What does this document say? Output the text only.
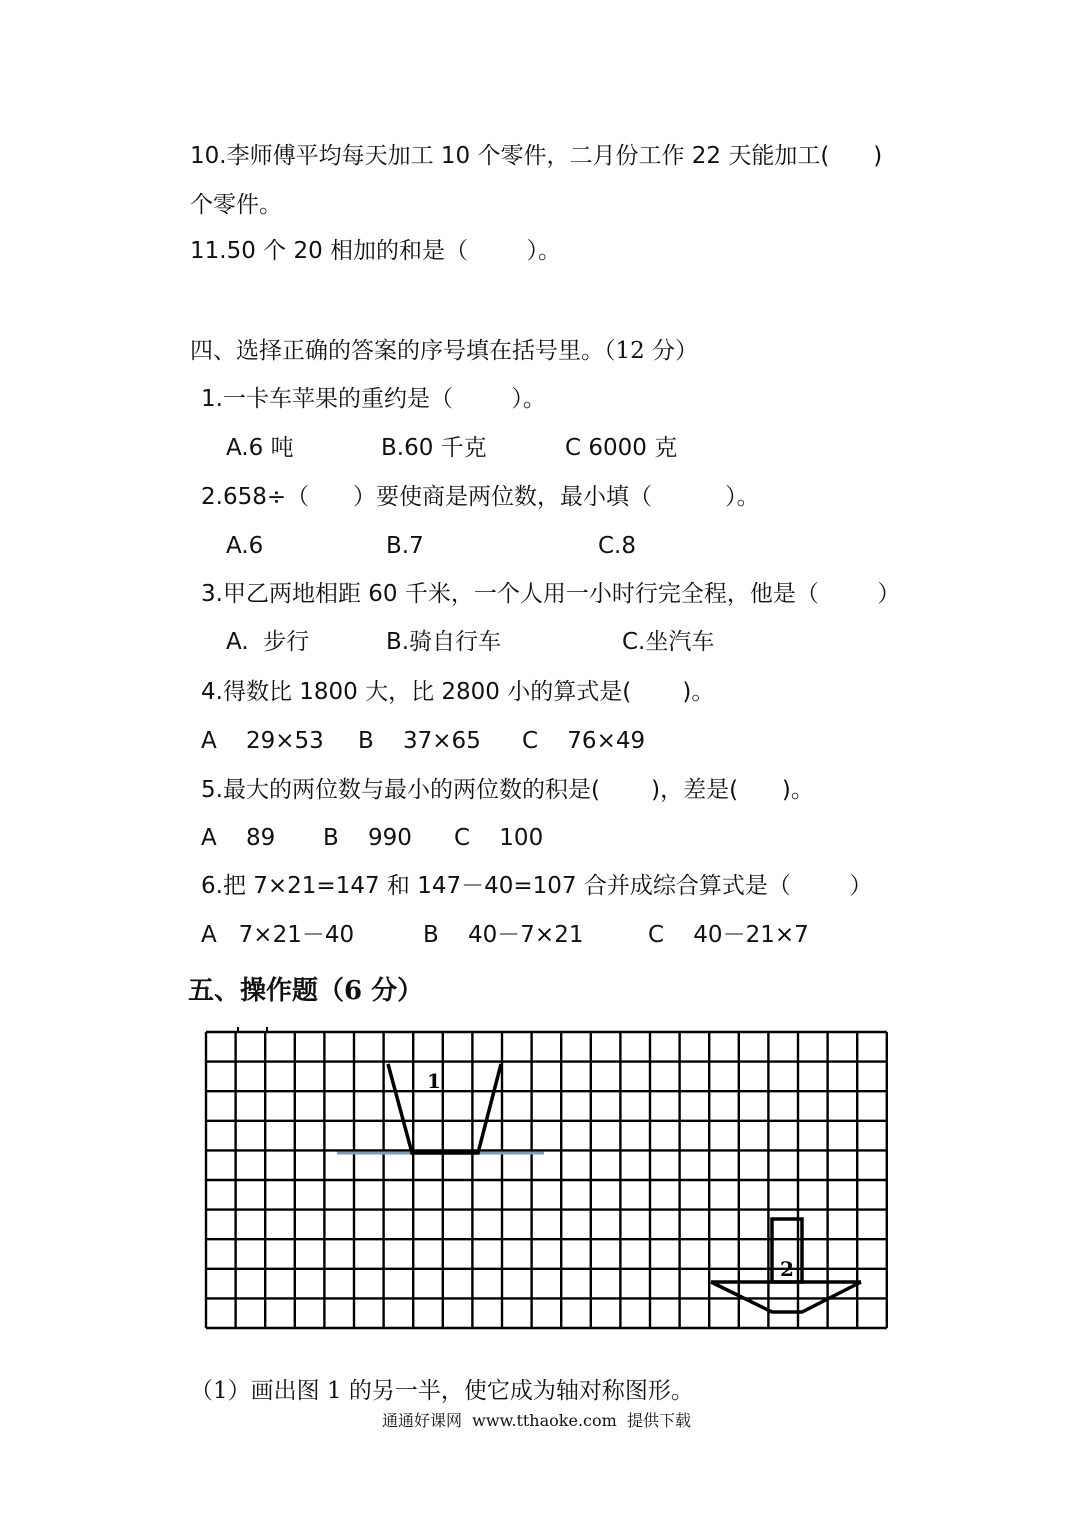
10.李师傅平均每天加工 10 个零件，二月份工作 22 天能加工(      )
个零件。
11.50 个 20 相加的和是（        ）。
四、选择正确的答案的序号填在括号里。（12 分）
1.一卡车苹果的重约是（        ）。
A.6 吨	B.60 千克	C 6000 克
2.658÷（      ）要使商是两位数，最小填（          ）。
A.6	B.7	C.8
3.甲乙两地相距 60 千米，一个人用一小时行完全程，他是（        ）
A.  步行	B.骑自行车	C.坐汽车
4.得数比 1800 大，比 2800 小的算式是(       )。
A    29×53 B    37×65 C    76×49
5.最大的两位数与最小的两位数的积是(       )，差是(      )。
A    89 B    990 C    100
6.把 7×21=147 和 147－40=107 合并成综合算式是（        ）
A   7×21－40	B    40－7×21	C    40－21×7
五、操作题（6 分）
1
2
（1）画出图 1 的另一半，使它成为轴对称图形。
通通好课网  www.tthaoke.com  提供下载
